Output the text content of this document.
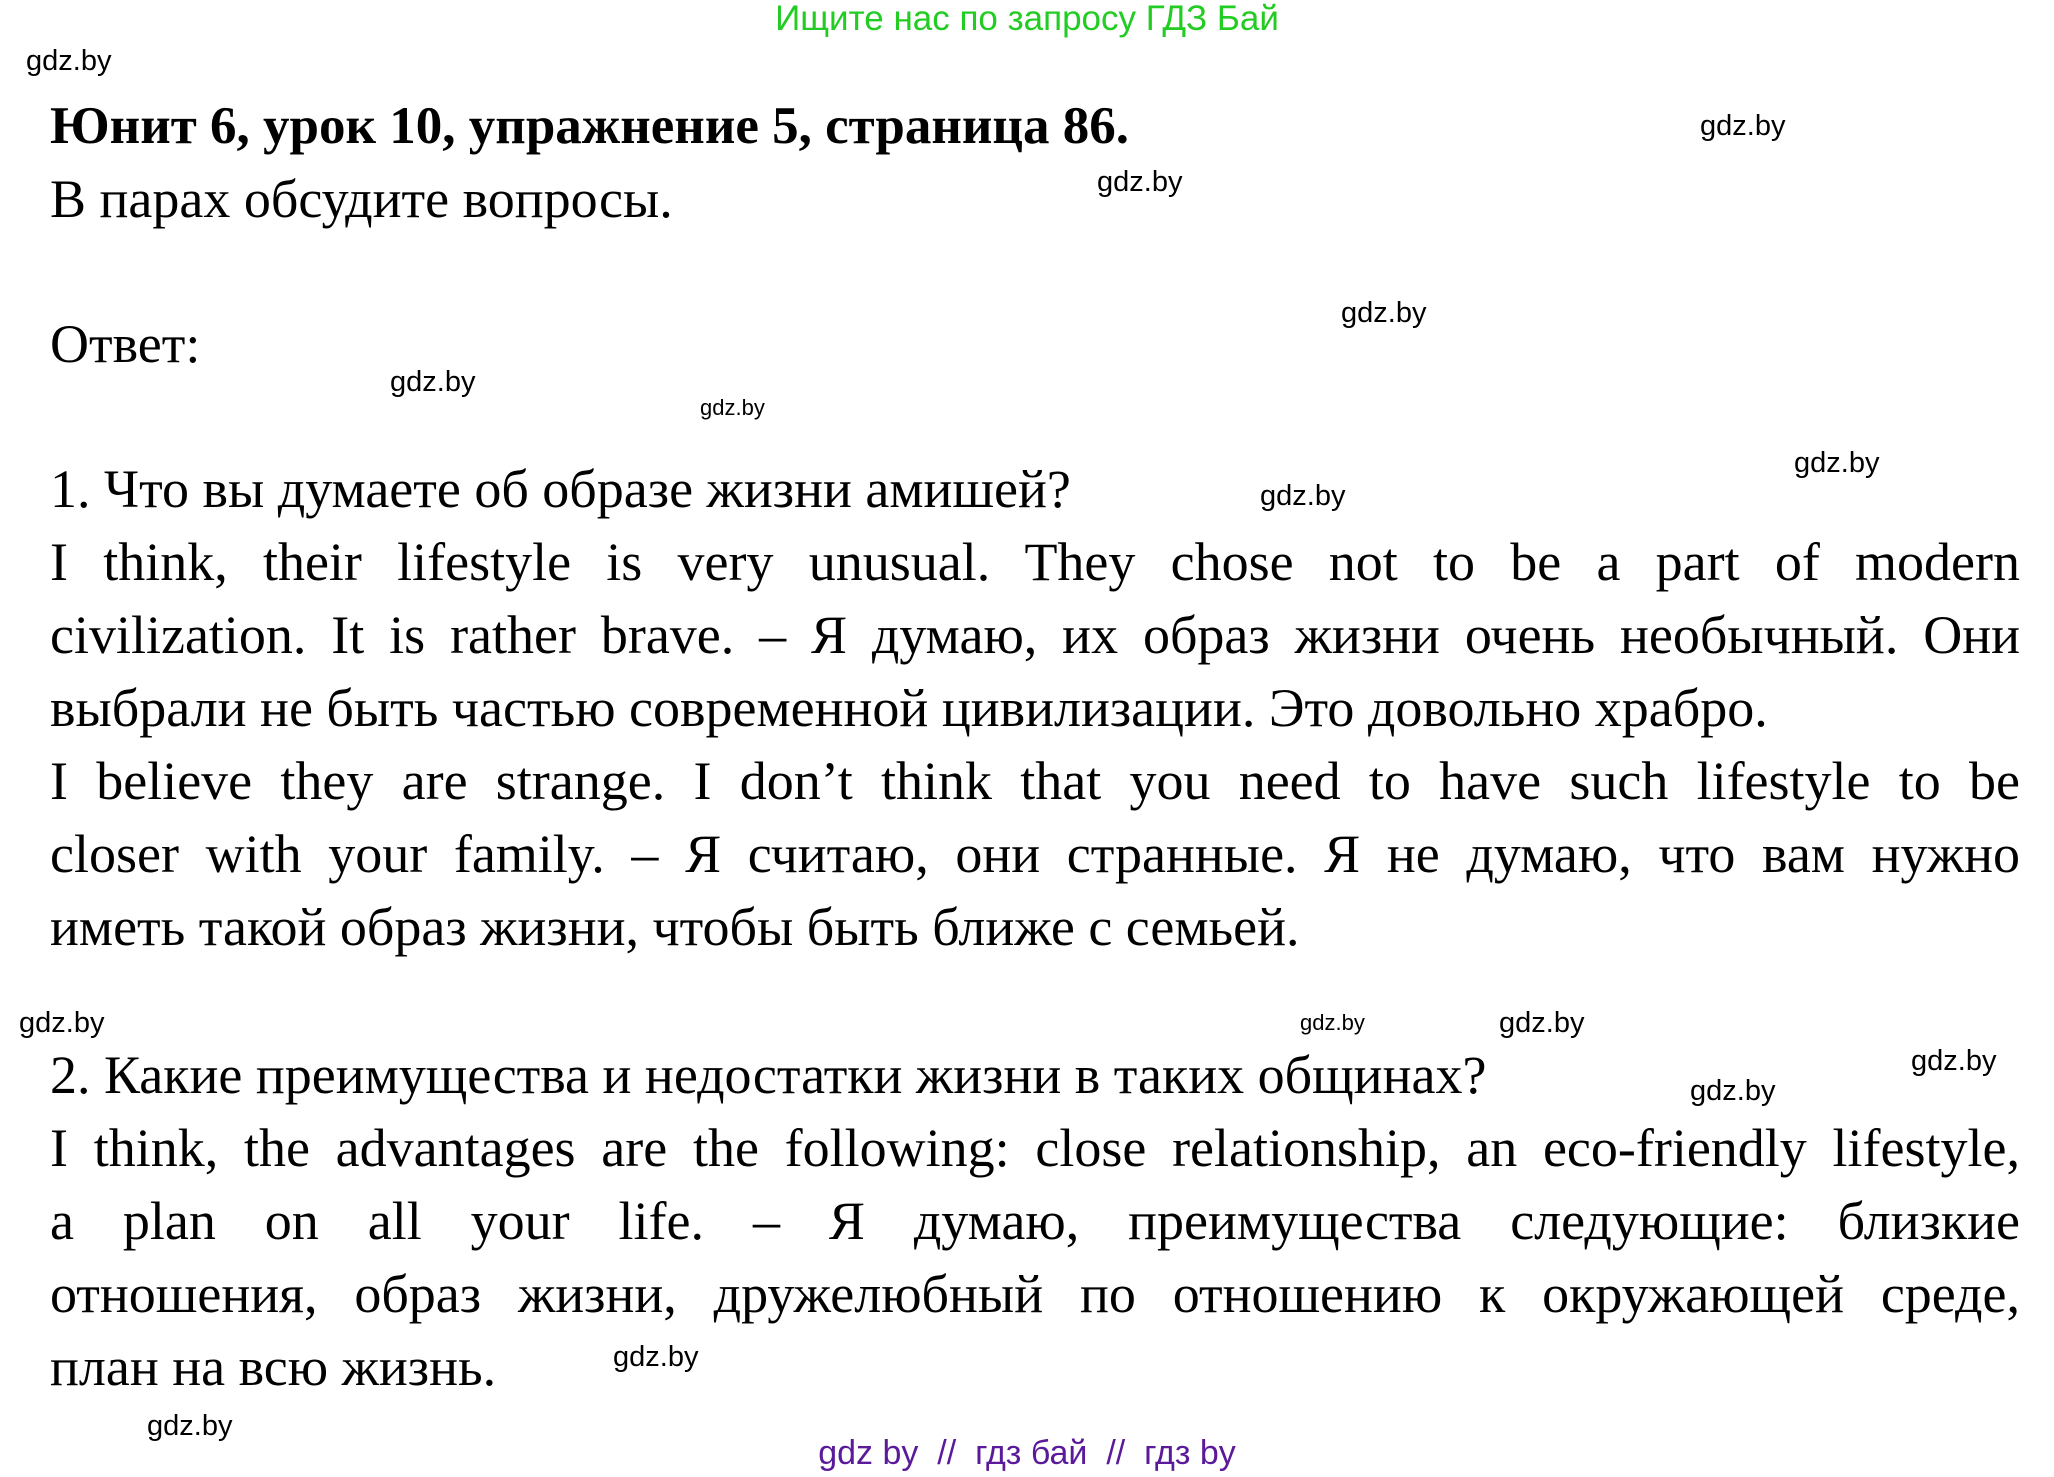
Ищите нас по запросу ГДЗ Бай
Юнит 6, урок 10, упражнение 5, страница 86.
В парах обсудите вопросы.
Ответ:
1. Что вы думаете об образе жизни амишей?
I think, their lifestyle is very unusual. They chose not to be a part of modern
civilization. It is rather brave. – Я думаю, их образ жизни очень необычный. Они
выбрали не быть частью современной цивилизации. Это довольно храбро.
I believe they are strange. I don’t think that you need to have such lifestyle to be
closer with your family. – Я считаю, они странные. Я не думаю, что вам нужно
иметь такой образ жизни, чтобы быть ближе с семьей.
2. Какие преимущества и недостатки жизни в таких общинах?
I think, the advantages are the following: close relationship, an eco-friendly lifestyle,
a plan on all your life. – Я думаю, преимущества следующие: близкие
отношения, образ жизни, дружелюбный по отношению к окружающей среде,
план на всю жизнь.
gdz.by
gdz.by
gdz.by
gdz.by
gdz.by
gdz.by
gdz.by
gdz.by
gdz.by	gdz.by	gdz.by
gdz.by
gdz.by
gdz.by
gdz.by
gdz by  //  гдз бай  //  гдз by
